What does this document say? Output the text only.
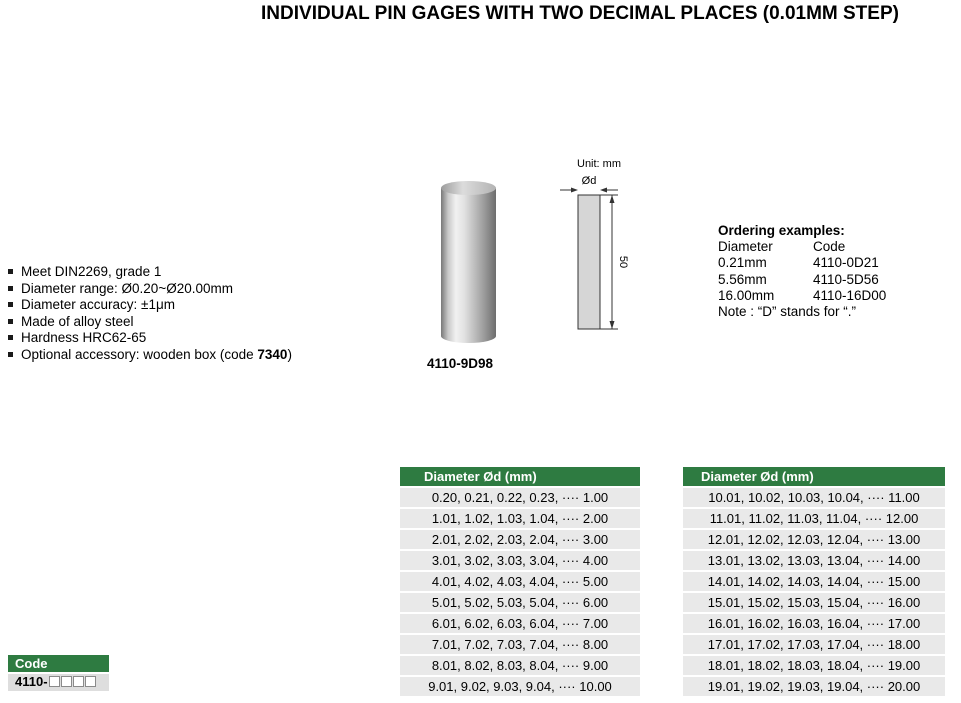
INDIVIDUAL PIN GAGES WITH TWO DECIMAL PLACES (0.01MM STEP)
Meet DIN2269, grade 1
Diameter range: Ø0.20~Ø20.00mm
Diameter accuracy: ±1μm
Made of alloy steel
Hardness HRC62-65
Optional accessory: wooden box (code 7340)
4110-9D98
Unit: mm
Ød
50
Ordering examples:
Diameter	Code
0.21mm	4110-0D21
5.56mm	4110-5D56
16.00mm	4110-16D00
Note : “D” stands for “.”
Code
4110-
Diameter Ød (mm)
0.20, 0.21, 0.22, 0.23, ···· 1.00
1.01, 1.02, 1.03, 1.04, ···· 2.00
2.01, 2.02, 2.03, 2.04, ···· 3.00
3.01, 3.02, 3.03, 3.04, ···· 4.00
4.01, 4.02, 4.03, 4.04, ···· 5.00
5.01, 5.02, 5.03, 5.04, ···· 6.00
6.01, 6.02, 6.03, 6.04, ···· 7.00
7.01, 7.02, 7.03, 7.04, ···· 8.00
8.01, 8.02, 8.03, 8.04, ···· 9.00
9.01, 9.02, 9.03, 9.04, ···· 10.00
Diameter Ød (mm)
10.01, 10.02, 10.03, 10.04, ···· 11.00
11.01, 11.02, 11.03, 11.04, ···· 12.00
12.01, 12.02, 12.03, 12.04, ···· 13.00
13.01, 13.02, 13.03, 13.04, ···· 14.00
14.01, 14.02, 14.03, 14.04, ···· 15.00
15.01, 15.02, 15.03, 15.04, ···· 16.00
16.01, 16.02, 16.03, 16.04, ···· 17.00
17.01, 17.02, 17.03, 17.04, ···· 18.00
18.01, 18.02, 18.03, 18.04, ···· 19.00
19.01, 19.02, 19.03, 19.04, ···· 20.00
